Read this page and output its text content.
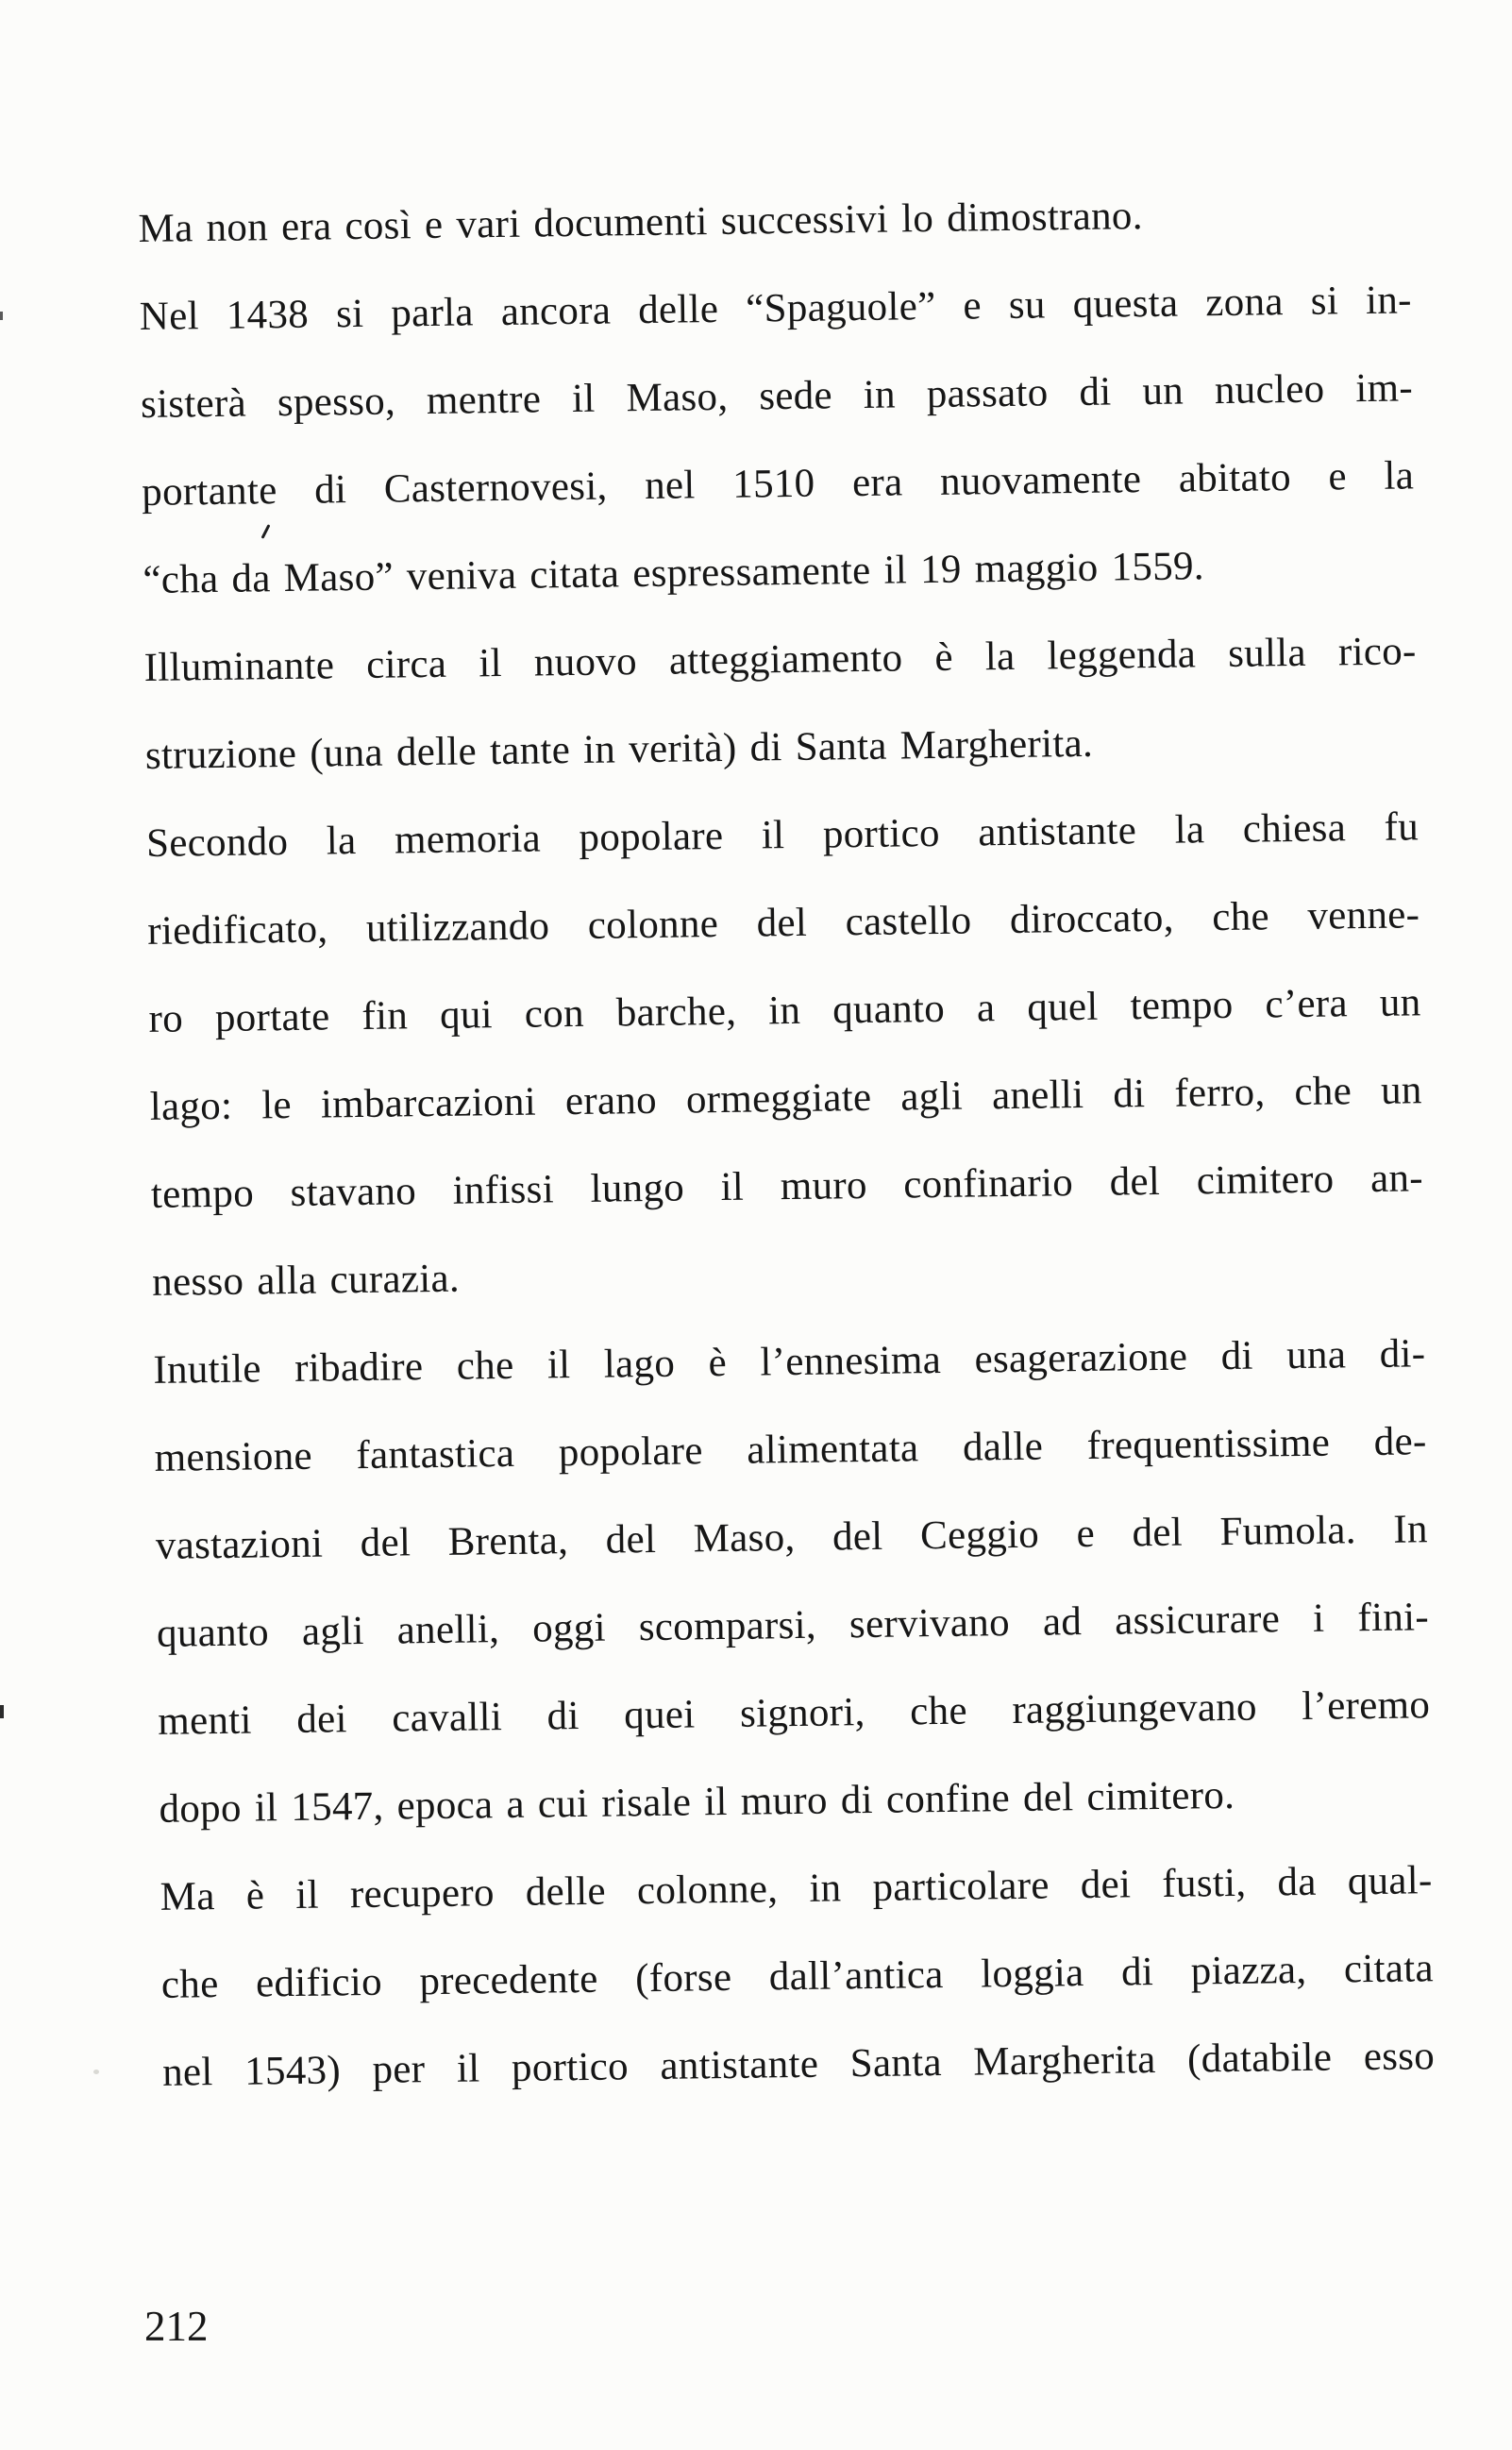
Ma non era così e vari documenti successivi lo dimostrano.
Nel 1438 si parla ancora delle “Spaguole” e su questa zona si in-
sisterà spesso, mentre il Maso, sede in passato di un nucleo im-
portante di Casternovesi, nel 1510 era nuovamente abitato e la
“cha da Maso” veniva citata espressamente il 19 maggio 1559.
Illuminante circa il nuovo atteggiamento è la leggenda sulla rico-
struzione (una delle tante in verità) di Santa Margherita.
Secondo la memoria popolare il portico antistante la chiesa fu
riedificato, utilizzando colonne del castello diroccato, che venne-
ro portate fin qui con barche, in quanto a quel tempo c’era un
lago: le imbarcazioni erano ormeggiate agli anelli di ferro, che un
tempo stavano infissi lungo il muro confinario del cimitero an-
nesso alla curazia.
Inutile ribadire che il lago è l’ennesima esagerazione di una di-
mensione fantastica popolare alimentata dalle frequentissime de-
vastazioni del Brenta, del Maso, del Ceggio e del Fumola. In
quanto agli anelli, oggi scomparsi, servivano ad assicurare i fini-
menti dei cavalli di quei signori, che raggiungevano l’eremo
dopo il 1547, epoca a cui risale il muro di confine del cimitero.
Ma è il recupero delle colonne, in particolare dei fusti, da qual-
che edificio precedente (forse dall’antica loggia di piazza, citata
nel 1543) per il portico antistante Santa Margherita (databile esso
212
